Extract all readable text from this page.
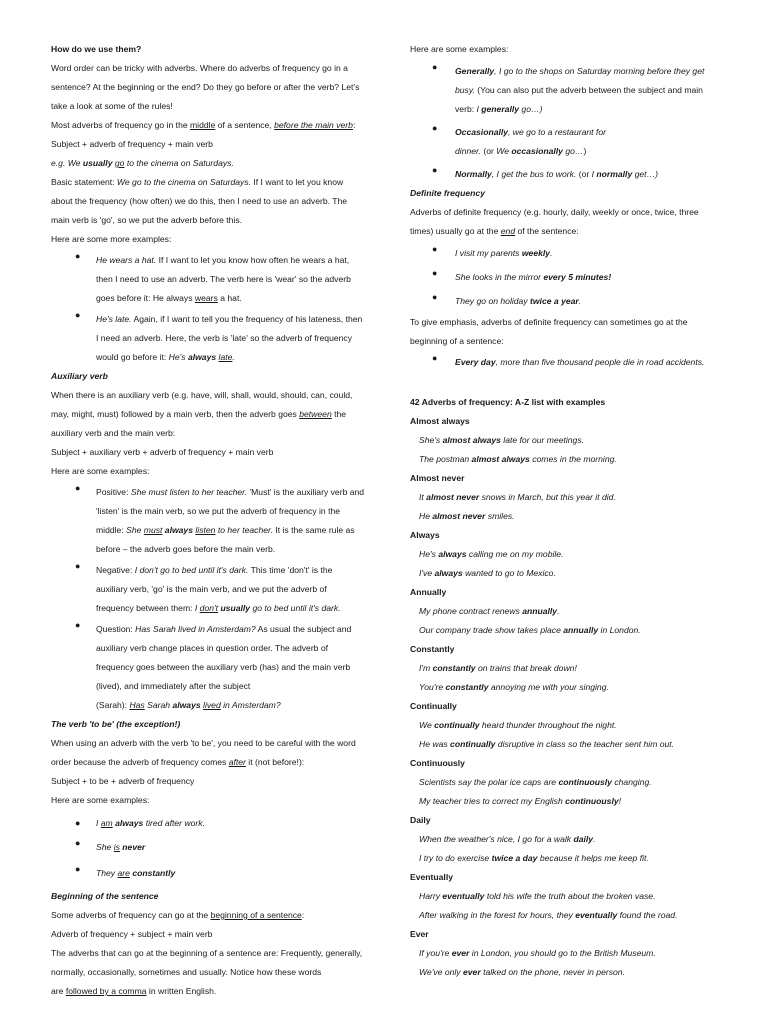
How do we use them?
Word order can be tricky with adverbs. Where do adverbs of frequency go in a
sentence? At the beginning or the end? Do they go before or after the verb? Let's
take a look at some of the rules!
Most adverbs of frequency go in the middle of a sentence, before the main verb:
Subject + adverb of frequency + main verb
e.g. We usually go to the cinema on Saturdays.
Basic statement: We go to the cinema on Saturdays. If I want to let you know
about the frequency (how often) we do this, then I need to use an adverb. The
main verb is 'go', so we put the adverb before this.
Here are some more examples:
● He wears a hat. If I want to let you know how often he wears a hat,
then I need to use an adverb. The verb here is 'wear' so the adverb
goes before it: He always wears a hat.
● He's late. Again, if I want to tell you the frequency of his lateness, then
I need an adverb. Here, the verb is 'late' so the adverb of frequency
would go before it: He's always late.
Auxiliary verb
When there is an auxiliary verb (e.g. have, will, shall, would, should, can, could,
may, might, must) followed by a main verb, then the adverb goes between the
auxiliary verb and the main verb:
Subject + auxiliary verb + adverb of frequency + main verb
Here are some examples:
● Positive: She must listen to her teacher. 'Must' is the auxiliary verb and
'listen' is the main verb, so we put the adverb of frequency in the
middle: She must always listen to her teacher. It is the same rule as
before – the adverb goes before the main verb.
● Negative: I don't go to bed until it's dark. This time 'don't' is the
auxiliary verb, 'go' is the main verb, and we put the adverb of
frequency between them: I don't usually go to bed until it's dark.
● Question: Has Sarah lived in Amsterdam? As usual the subject and
auxiliary verb change places in question order. The adverb of
frequency goes between the auxiliary verb (has) and the main verb
(lived), and immediately after the subject
(Sarah): Has Sarah always lived in Amsterdam?
The verb 'to be' (the exception!)
When using an adverb with the verb 'to be', you need to be careful with the word
order because the adverb of frequency comes after it (not before!):
Subject + to be + adverb of frequency
Here are some examples:
● I am always tired after work.
● She is never
● They are constantly
Beginning of the sentence
Some adverbs of frequency can go at the beginning of a sentence:
Adverb of frequency + subject + main verb
The adverbs that can go at the beginning of a sentence are: Frequently, generally,
normally, occasionally, sometimes and usually. Notice how these words
are followed by a comma in written English.
Here are some examples:
● Generally, I go to the shops on Saturday morning before they get
busy. (You can also put the adverb between the subject and main
verb: I generally go…)
● Occasionally, we go to a restaurant for
dinner. (or We occasionally go…)
● Normally, I get the bus to work. (or I normally get…)
Definite frequency
Adverbs of definite frequency (e.g. hourly, daily, weekly or once, twice, three
times) usually go at the end of the sentence:
● I visit my parents weekly.
● She looks in the mirror every 5 minutes!
● They go on holiday twice a year.
To give emphasis, adverbs of definite frequency can sometimes go at the
beginning of a sentence:
● Every day, more than five thousand people die in road accidents.
42 Adverbs of frequency: A-Z list with examples
Almost always
She's almost always late for our meetings.
The postman almost always comes in the morning.
Almost never
It almost never snows in March, but this year it did.
He almost never smiles.
Always
He's always calling me on my mobile.
I've always wanted to go to Mexico.
Annually
My phone contract renews annually.
Our company trade show takes place annually in London.
Constantly
I'm constantly on trains that break down!
You're constantly annoying me with your singing.
Continually
We continually heard thunder throughout the night.
He was continually disruptive in class so the teacher sent him out.
Continuously
Scientists say the polar ice caps are continuously changing.
My teacher tries to correct my English continuously!
Daily
When the weather's nice, I go for a walk daily.
I try to do exercise twice a day because it helps me keep fit.
Eventually
Harry eventually told his wife the truth about the broken vase.
After walking in the forest for hours, they eventually found the road.
Ever
If you're ever in London, you should go to the British Museum.
We've only ever talked on the phone, never in person.
